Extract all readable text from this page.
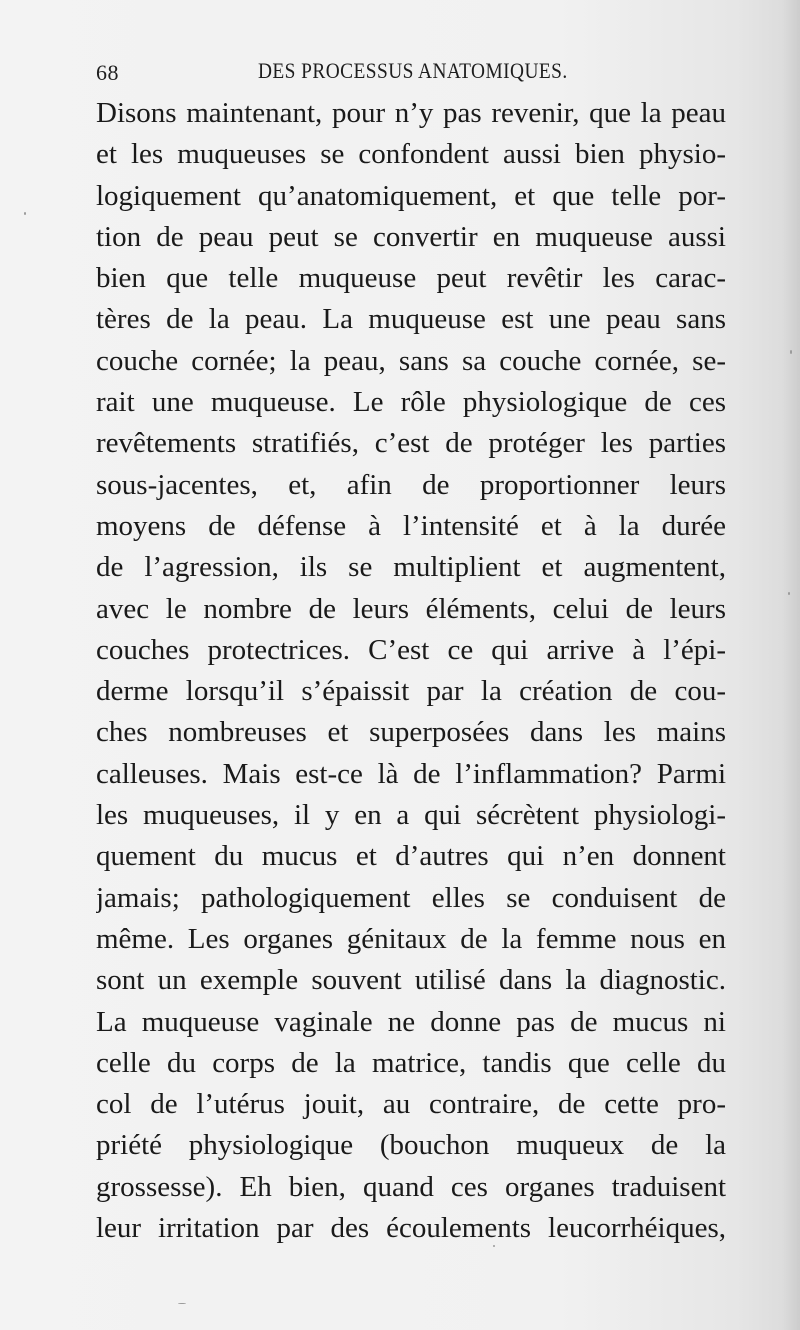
68	DES PROCESSUS ANATOMIQUES.
Disons maintenant, pour n’y pas revenir, que la peau
et les muqueuses se confondent aussi bien physio-
logiquement qu’anatomiquement, et que telle por-
tion de peau peut se convertir en muqueuse aussi
bien que telle muqueuse peut revêtir les carac-
tères de la peau. La muqueuse est une peau sans
couche cornée; la peau, sans sa couche cornée, se-
rait une muqueuse. Le rôle physiologique de ces
revêtements stratifiés, c’est de protéger les parties
sous-jacentes, et, afin de proportionner leurs
moyens de défense à l’intensité et à la durée
de l’agression, ils se multiplient et augmentent,
avec le nombre de leurs éléments, celui de leurs
couches protectrices. C’est ce qui arrive à l’épi-
derme lorsqu’il s’épaissit par la création de cou-
ches nombreuses et superposées dans les mains
calleuses. Mais est-ce là de l’inflammation? Parmi
les muqueuses, il y en a qui sécrètent physiologi-
quement du mucus et d’autres qui n’en donnent
jamais; pathologiquement elles se conduisent de
même. Les organes génitaux de la femme nous en
sont un exemple souvent utilisé dans la diagnostic.
La muqueuse vaginale ne donne pas de mucus ni
celle du corps de la matrice, tandis que celle du
col de l’utérus jouit, au contraire, de cette pro-
priété physiologique (bouchon muqueux de la
grossesse). Eh bien, quand ces organes traduisent
leur irritation par des écoulements leucorrhéiques,
